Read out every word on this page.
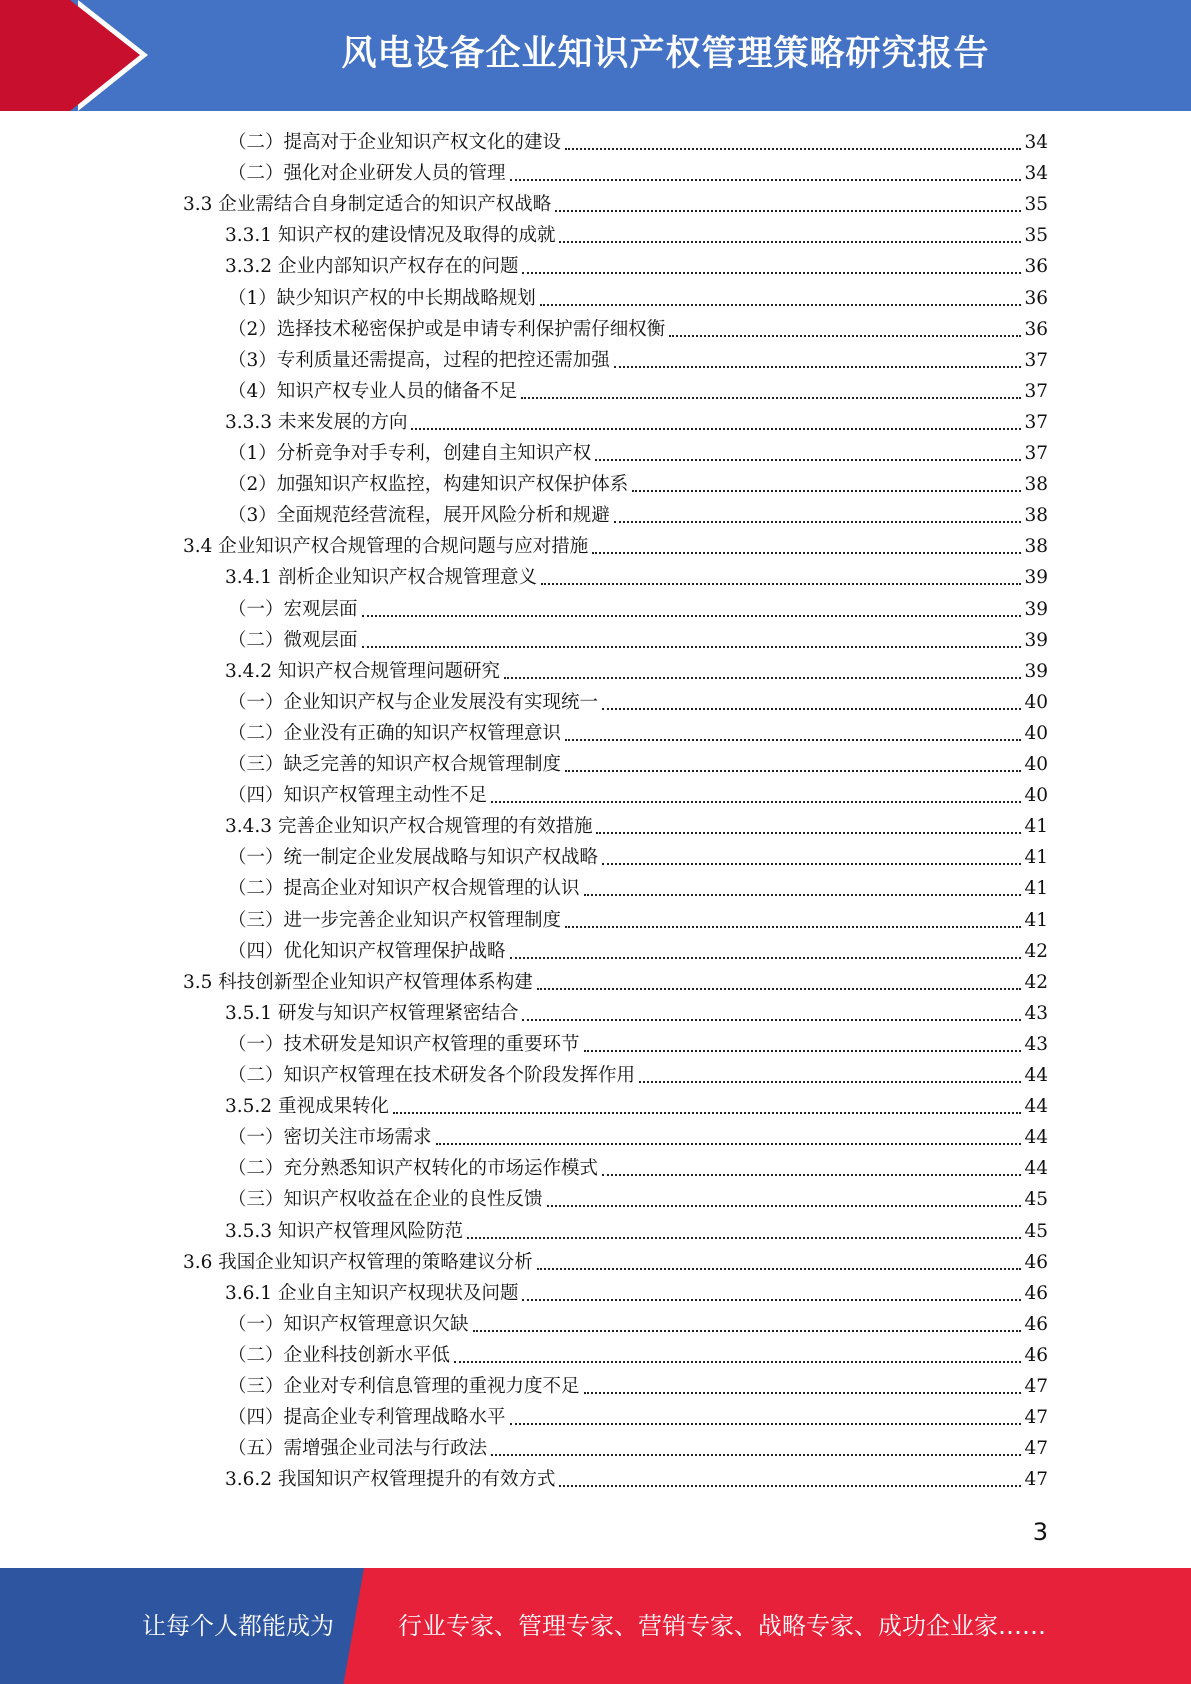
风电设备企业知识产权管理策略研究报告
（二）提高对于企业知识产权文化的建设	34
（二）强化对企业研发人员的管理	34
3.3 企业需结合自身制定适合的知识产权战略	35
3.3.1 知识产权的建设情况及取得的成就	35
3.3.2 企业内部知识产权存在的问题	36
（1）缺少知识产权的中长期战略规划	36
（2）选择技术秘密保护或是申请专利保护需仔细权衡	36
（3）专利质量还需提高，过程的把控还需加强	37
（4）知识产权专业人员的储备不足	37
3.3.3 未来发展的方向	37
（1）分析竞争对手专利，创建自主知识产权	37
（2）加强知识产权监控，构建知识产权保护体系	38
（3）全面规范经营流程，展开风险分析和规避	38
3.4 企业知识产权合规管理的合规问题与应对措施	38
3.4.1 剖析企业知识产权合规管理意义	39
（一）宏观层面	39
（二）微观层面	39
3.4.2 知识产权合规管理问题研究	39
（一）企业知识产权与企业发展没有实现统一	40
（二）企业没有正确的知识产权管理意识	40
（三）缺乏完善的知识产权合规管理制度	40
（四）知识产权管理主动性不足	40
3.4.3 完善企业知识产权合规管理的有效措施	41
（一）统一制定企业发展战略与知识产权战略	41
（二）提高企业对知识产权合规管理的认识	41
（三）进一步完善企业知识产权管理制度	41
（四）优化知识产权管理保护战略	42
3.5 科技创新型企业知识产权管理体系构建	42
3.5.1 研发与知识产权管理紧密结合	43
（一）技术研发是知识产权管理的重要环节	43
（二）知识产权管理在技术研发各个阶段发挥作用	44
3.5.2 重视成果转化	44
（一）密切关注市场需求	44
（二）充分熟悉知识产权转化的市场运作模式	44
（三）知识产权收益在企业的良性反馈	45
3.5.3 知识产权管理风险防范	45
3.6 我国企业知识产权管理的策略建议分析	46
3.6.1 企业自主知识产权现状及问题	46
（一）知识产权管理意识欠缺	46
（二）企业科技创新水平低	46
（三）企业对专利信息管理的重视力度不足	47
（四）提高企业专利管理战略水平	47
（五）需增强企业司法与行政法	47
3.6.2 我国知识产权管理提升的有效方式	47
3
让每个人都能成为	行业专家、管理专家、营销专家、战略专家、成功企业家……
